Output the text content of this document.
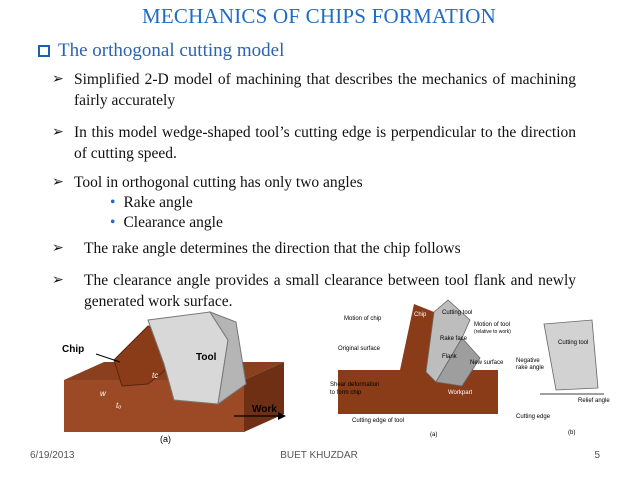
MECHANICS OF CHIPS FORMATION
The orthogonal cutting model
➢ Simplified 2-D model of machining that describes the mechanics of machining fairly accurately
➢ In this model wedge-shaped tool’s cutting edge is perpendicular to the direction of cutting speed.
➢ Tool in orthogonal cutting has only two angles
• Rake angle
• Clearance angle
➢ The rake angle determines the direction that the chip follows
➢ The clearance angle provides a small clearance between tool flank and newly generated work surface.
Chip
Tool
Work
w
tᴄ
tₒ
(a)
Motion of chip
Chip	Cutting tool
Motion of tool
(relative to work)
Rake face
Original surface
Flank
New surface
Shear deformation
to form chip	Workpart
Cutting edge of tool
(a)
Cutting tool
Negative
rake angle
Relief angle
Cutting edge
(b)
6/19/2013	BUET KHUZDAR	5
